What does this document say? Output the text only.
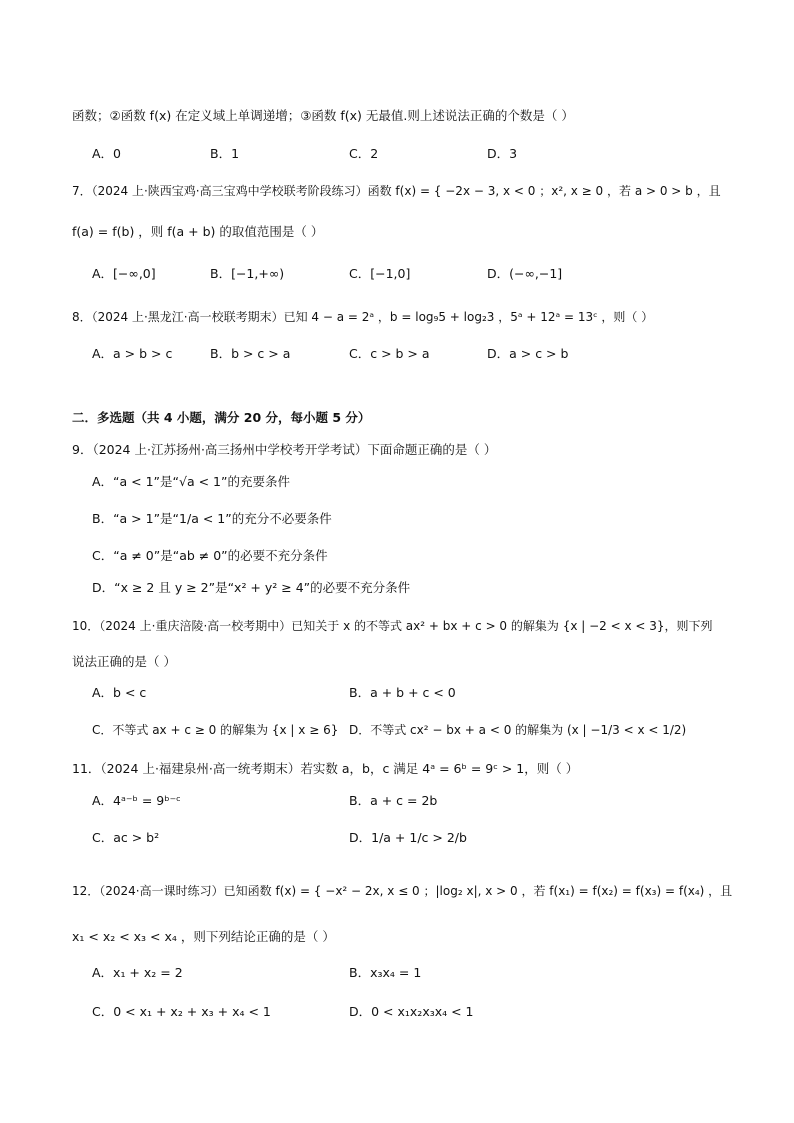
函数；②函数 f(x) 在定义域上单调递增；③函数 f(x) 无最值.则上述说法正确的个数是（ ）
A．0	B．1	C．2	D．3
7．（2024 上·陕西宝鸡·高三宝鸡中学校联考阶段练习）函数 f(x) = { −2x − 3, x < 0 ；x², x ≥ 0 ，若 a > 0 > b ，且
f(a) = f(b) ，则 f(a + b) 的取值范围是（ ）
A．[−∞,0]	B．[−1,+∞)	C．[−1,0]	D．(−∞,−1]
8．（2024 上·黑龙江·高一校联考期末）已知 4 − a = 2ᵃ ，b = log₉5 + log₂3 ，5ᵃ + 12ᵃ = 13ᶜ ，则（ ）
A．a > b > c	B．b > c > a	C．c > b > a	D．a > c > b
二．多选题（共 4 小题，满分 20 分，每小题 5 分）
9．（2024 上·江苏扬州·高三扬州中学校考开学考试）下面命题正确的是（ ）
A．“a < 1”是“√a < 1”的充要条件
B．“a > 1”是“1/a < 1”的充分不必要条件
C．“a ≠ 0”是“ab ≠ 0”的必要不充分条件
D．“x ≥ 2 且 y ≥ 2”是“x² + y² ≥ 4”的必要不充分条件
10．（2024 上·重庆涪陵·高一校考期中）已知关于 x 的不等式 ax² + bx + c > 0 的解集为 {x | −2 < x < 3}，则下列
说法正确的是（ ）
A．b < c	B．a + b + c < 0
C．不等式 ax + c ≥ 0 的解集为 {x | x ≥ 6} D．不等式 cx² − bx + a < 0 的解集为 (x | −1/3 < x < 1/2)
11．（2024 上·福建泉州·高一统考期末）若实数 a，b，c 满足 4ᵃ = 6ᵇ = 9ᶜ > 1，则（ ）
A．4ᵃ⁻ᵇ = 9ᵇ⁻ᶜ	B．a + c = 2b
C．ac > b²	D．1/a + 1/c > 2/b
12．（2024·高一课时练习）已知函数 f(x) = { −x² − 2x, x ≤ 0 ；|log₂ x|, x > 0 ，若 f(x₁) = f(x₂) = f(x₃) = f(x₄) ，且
x₁ < x₂ < x₃ < x₄ ，则下列结论正确的是（ ）
A．x₁ + x₂ = 2	B．x₃x₄ = 1
C．0 < x₁ + x₂ + x₃ + x₄ < 1	D．0 < x₁x₂x₃x₄ < 1
